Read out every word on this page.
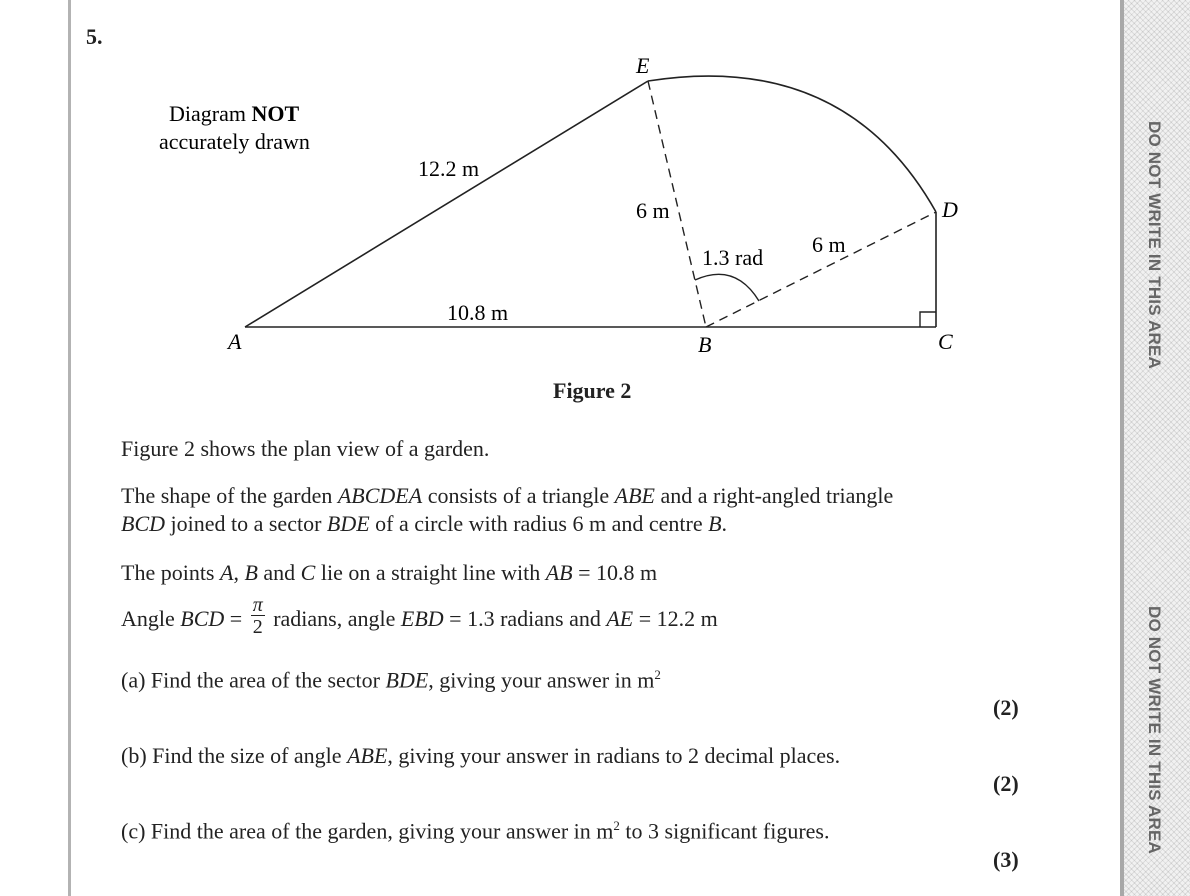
DO NOT WRITE IN THIS AREA
DO NOT WRITE IN THIS AREA
5.
E
A	B	C
D
12.2 m
10.8 m
6 m
6 m
1.3 rad
Diagram NOT
accurately drawn
Figure 2
Figure 2 shows the plan view of a garden.
The shape of the garden ABCDEA consists of a triangle ABE and a right-angled triangle
BCD joined to a sector BDE of a circle with radius 6 m and centre B.
The points A, B and C lie on a straight line with AB = 10.8 m
Angle BCD = $\frac{\pi}{2}$ radians, angle EBD = 1.3 radians and AE = 12.2 m
(a) Find the area of the sector BDE, giving your answer in $m^2$
(2)
(b) Find the size of angle ABE, giving your answer in radians to 2 decimal places.
(2)
(c) Find the area of the garden, giving your answer in $m^2$ to 3 significant figures.
(3)
